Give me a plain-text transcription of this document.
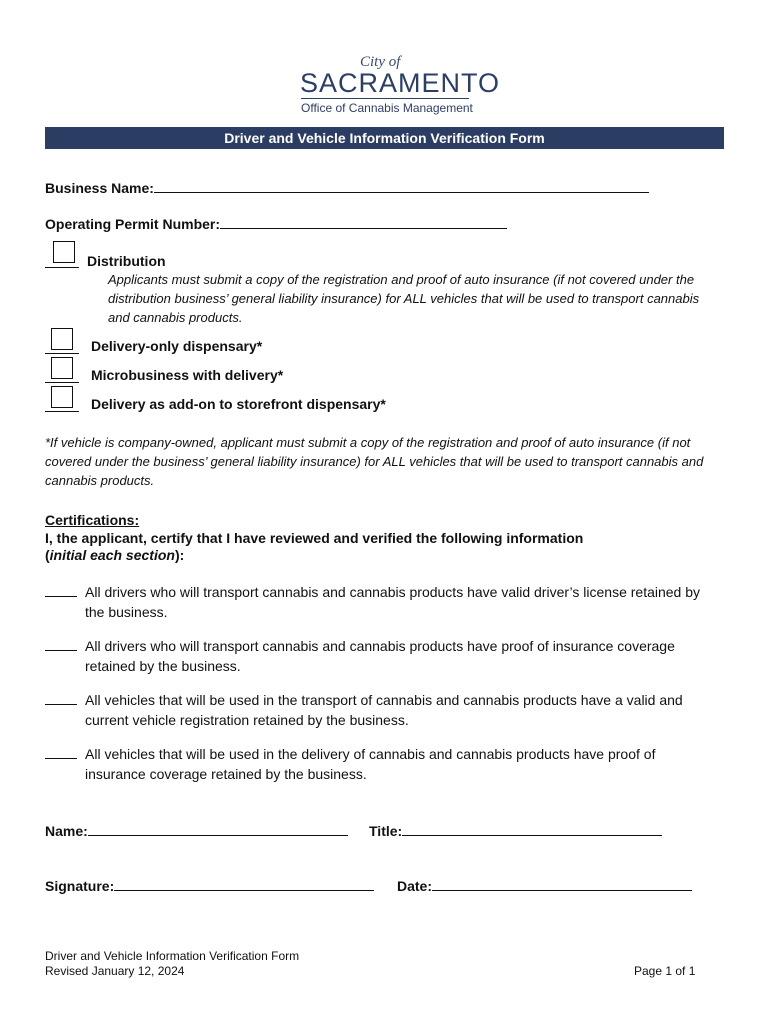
City of
SACRAMENTO
Office of Cannabis Management
Driver and Vehicle Information Verification Form
Business Name:
Operating Permit Number:
Distribution
Applicants must submit a copy of the registration and proof of auto insurance (if not covered under the distribution business’ general liability insurance) for ALL vehicles that will be used to transport cannabis and cannabis products.
Delivery-only dispensary*
Microbusiness with delivery*
Delivery as add-on to storefront dispensary*
*If vehicle is company-owned, applicant must submit a copy of the registration and proof of auto insurance (if not covered under the business’ general liability insurance) for ALL vehicles that will be used to transport cannabis and cannabis products.
Certifications:
I, the applicant, certify that I have reviewed and verified the following information
(initial each section):
All drivers who will transport cannabis and cannabis products have valid driver’s license retained by the business.
All drivers who will transport cannabis and cannabis products have proof of insurance coverage retained by the business.
All vehicles that will be used in the transport of cannabis and cannabis products have a valid and current vehicle registration retained by the business.
All vehicles that will be used in the delivery of cannabis and cannabis products have proof of insurance coverage retained by the business.
Name:	Title:
Signature:	Date:
Driver and Vehicle Information Verification Form
Revised January 12, 2024	Page 1 of 1
